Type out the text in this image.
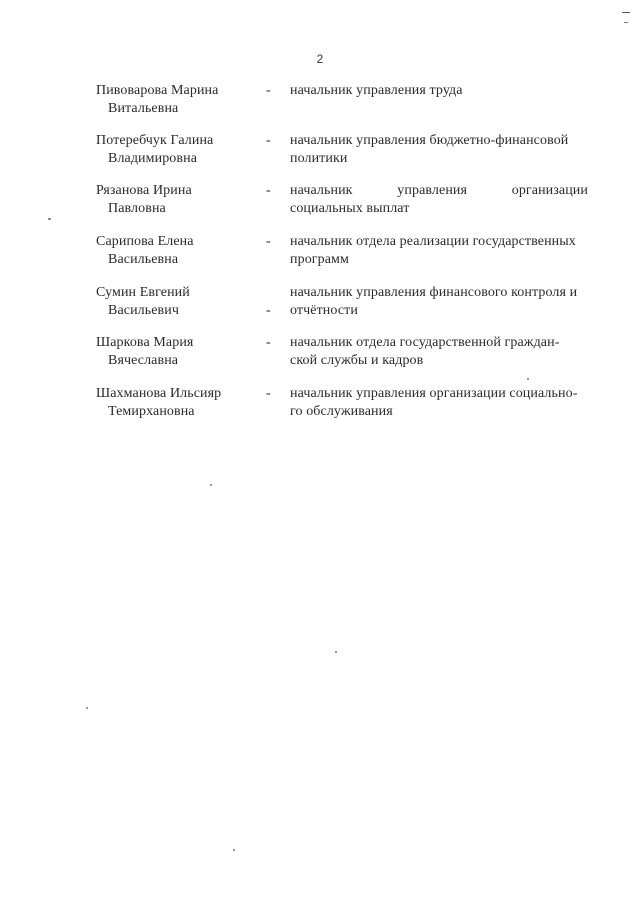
2
Пивоварова Марина
Витальевна
- начальник управления труда
Потеребчук Галина
Владимировна
- начальник управления бюджетно-финансовой
политики
Рязанова Ирина
Павловна
- начальник	управления	организации
социальных выплат
Сарипова Елена
Васильевна
- начальник отдела реализации государственных
программ
Сумин Евгений
Васильевич	-
начальник управления финансового контроля и
отчётности
Шаркова Мария
Вячеславна
- начальник отдела государственной граждан-
ской службы и кадров
Шахманова Ильсияр
Темирхановна
- начальник управления организации социально-
го обслуживания
